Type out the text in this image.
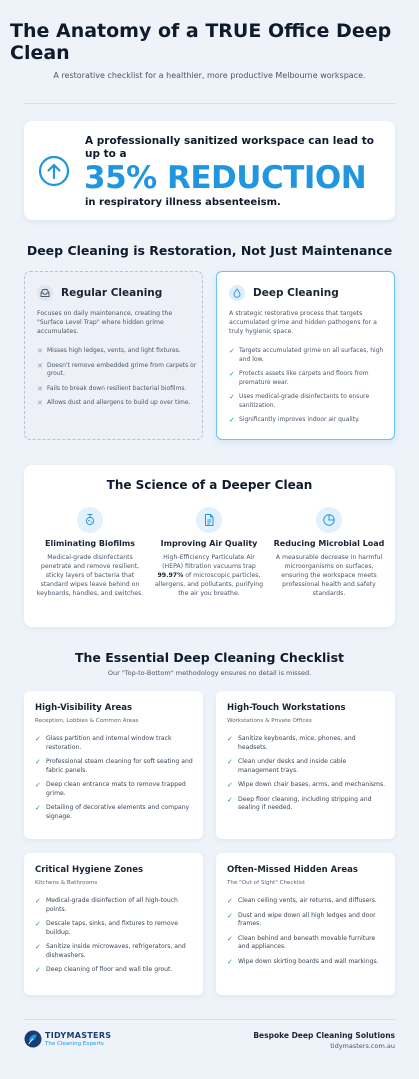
The Anatomy of a TRUE Office Deep Clean

A restorative checklist for a healthier, more productive Melbourne workspace.

A professionally sanitized workspace can lead to up to a
35% REDUCTION
in respiratory illness absenteeism.
Deep Cleaning is Restoration, Not Just Maintenance
Regular Cleaning
Focuses on daily maintenance, creating the "Surface Level Trap" where hidden grime accumulates.
✕ Misses high ledges, vents, and light fixtures.
✕ Doesn't remove embedded grime from carpets or grout.
✕ Fails to break down resilient bacterial biofilms.
✕ Allows dust and allergens to build up over time.
Deep Cleaning
A strategic restorative process that targets accumulated grime and hidden pathogens for a truly hygienic space.
✓ Targets accumulated grime on all surfaces, high and low.
✓ Protects assets like carpets and floors from premature wear.
✓ Uses medical-grade disinfectants to ensure sanitization.
✓ Significantly improves indoor air quality.
The Science of a Deeper Clean
Eliminating Biofilms
Medical-grade disinfectants penetrate and remove resilient, sticky layers of bacteria that standard wipes leave behind on keyboards, handles, and switches.
Improving Air Quality
High-Efficiency Particulate Air (HEPA) filtration vacuums trap 99.97% of microscopic particles, allergens, and pollutants, purifying the air you breathe.
Reducing Microbial Load
A measurable decrease in harmful microorganisms on surfaces, ensuring the workspace meets professional health and safety standards.
The Essential Deep Cleaning Checklist
Our "Top-to-Bottom" methodology ensures no detail is missed.
High-Visibility Areas
Reception, Lobbies & Common Areas
✓ Glass partition and internal window track restoration.
✓ Professional steam cleaning for soft seating and fabric panels.
✓ Deep clean entrance mats to remove trapped grime.
✓ Detailing of decorative elements and company signage.
High-Touch Workstations
Workstations & Private Offices
✓ Sanitize keyboards, mice, phones, and headsets.
✓ Clean under desks and inside cable management trays.
✓ Wipe down chair bases, arms, and mechanisms.
✓ Deep floor cleaning, including stripping and sealing if needed.
Critical Hygiene Zones
Kitchens & Bathrooms
✓ Medical-grade disinfection of all high-touch points.
✓ Descale taps, sinks, and fixtures to remove buildup.
✓ Sanitize inside microwaves, refrigerators, and dishwashers.
✓ Deep cleaning of floor and wall tile grout.
Often-Missed Hidden Areas
The "Out of Sight" Checklist
✓ Clean ceiling vents, air returns, and diffusers.
✓ Dust and wipe down all high ledges and door frames.
✓ Clean behind and beneath movable furniture and appliances.
✓ Wipe down skirting boards and wall markings.
TIDYMASTERS
The Cleaning Experts
Bespoke Deep Cleaning Solutions
tidymasters.com.au
